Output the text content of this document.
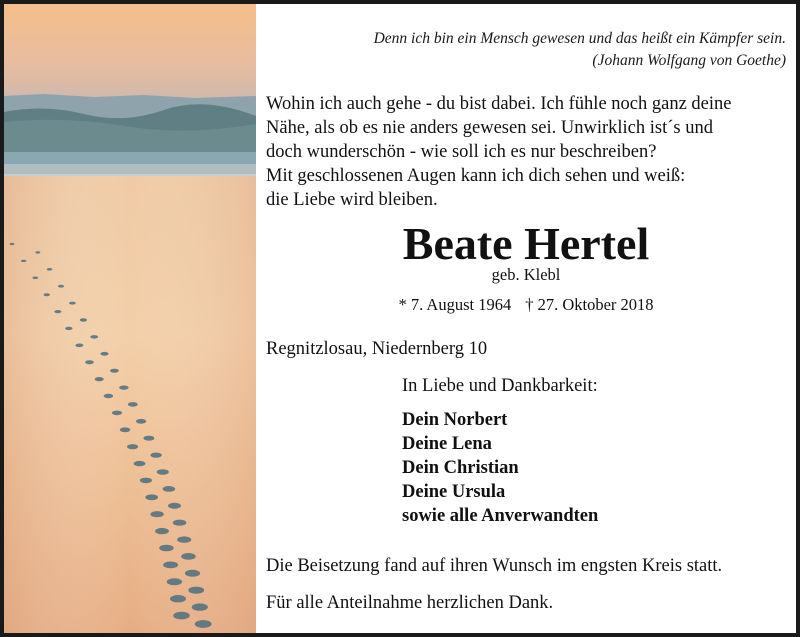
Denn ich bin ein Mensch gewesen und das heißt ein Kämpfer sein.
(Johann Wolfgang von Goethe)
Wohin ich auch gehe - du bist dabei. Ich fühle noch ganz deine
Nähe, als ob es nie anders gewesen sei. Unwirklich ist´s und
doch wunderschön - wie soll ich es nur beschreiben?
Mit geschlossenen Augen kann ich dich sehen und weiß:
die Liebe wird bleiben.
Beate Hertel
geb. Klebl
* 7. August 1964 † 27. Oktober 2018
Regnitzlosau, Niedernberg 10
In Liebe und Dankbarkeit:
Dein Norbert
Deine Lena
Dein Christian
Deine Ursula
sowie alle Anverwandten
Die Beisetzung fand auf ihren Wunsch im engsten Kreis statt.
Für alle Anteilnahme herzlichen Dank.
